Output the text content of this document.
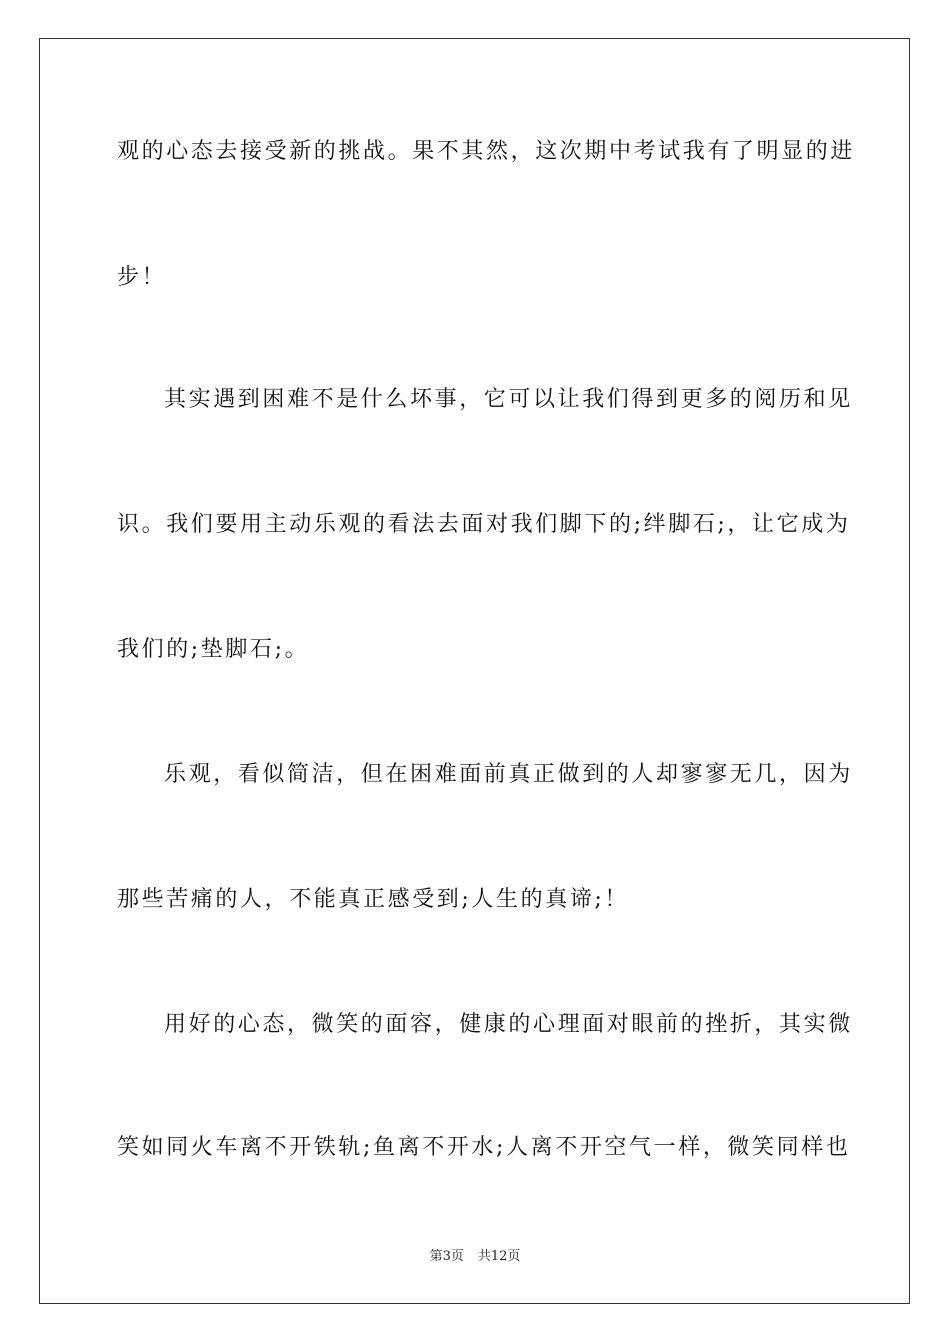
观的心态去接受新的挑战。果不其然，这次期中考试我有了明显的进
步！
其实遇到困难不是什么坏事，它可以让我们得到更多的阅历和见
识。我们要用主动乐观的看法去面对我们脚下的;绊脚石;，让它成为
我们的;垫脚石;。
乐观，看似简洁，但在困难面前真正做到的人却寥寥无几，因为
那些苦痛的人，不能真正感受到;人生的真谛;！
用好的心态，微笑的面容，健康的心理面对眼前的挫折，其实微
笑如同火车离不开铁轨;鱼离不开水;人离不开空气一样，微笑同样也
第3页 共12页
